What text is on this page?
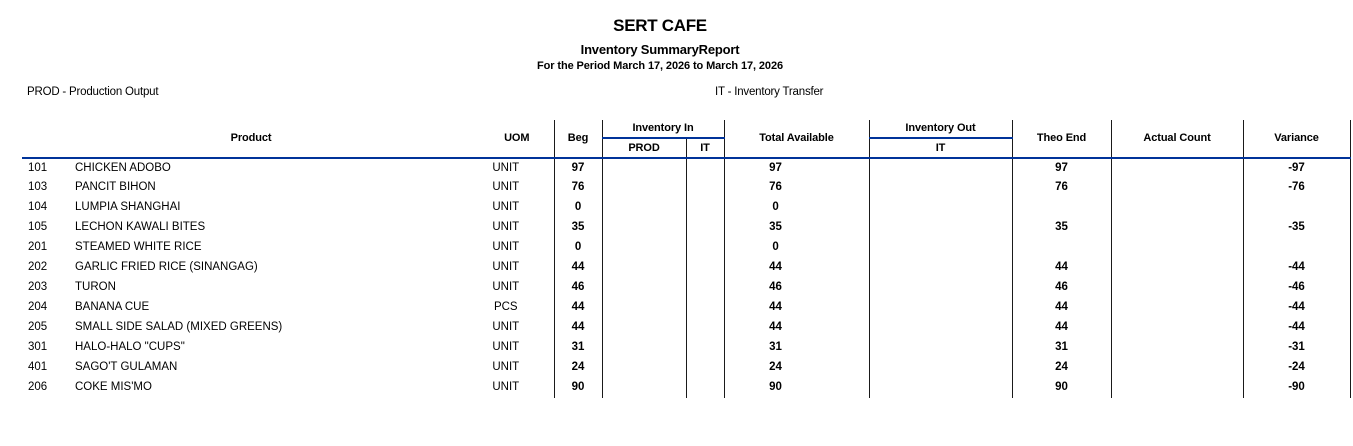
SERT CAFE
Inventory SummaryReport
For the Period March 17, 2026 to March 17, 2026
PROD - Production Output	IT - Inventory Transfer
Product		UOM	Beg	Inventory In		Total Available	Inventory Out	Theo End	Actual Count	Variance
				PROD	IT		IT			
101	CHICKEN ADOBO	UNIT	97			97		97		-97
103	PANCIT BIHON	UNIT	76			76		76		-76
104	LUMPIA SHANGHAI	UNIT	0			0				
105	LECHON KAWALI BITES	UNIT	35			35		35		-35
201	STEAMED WHITE RICE	UNIT	0			0				
202	GARLIC FRIED RICE (SINANGAG)	UNIT	44			44		44		-44
203	TURON	UNIT	46			46		46		-46
204	BANANA CUE	PCS	44			44		44		-44
205	SMALL SIDE SALAD (MIXED GREENS)	UNIT	44			44		44		-44
301	HALO-HALO "CUPS"	UNIT	31			31		31		-31
401	SAGO'T GULAMAN	UNIT	24			24		24		-24
206	COKE MIS'MO	UNIT	90			90		90		-90
